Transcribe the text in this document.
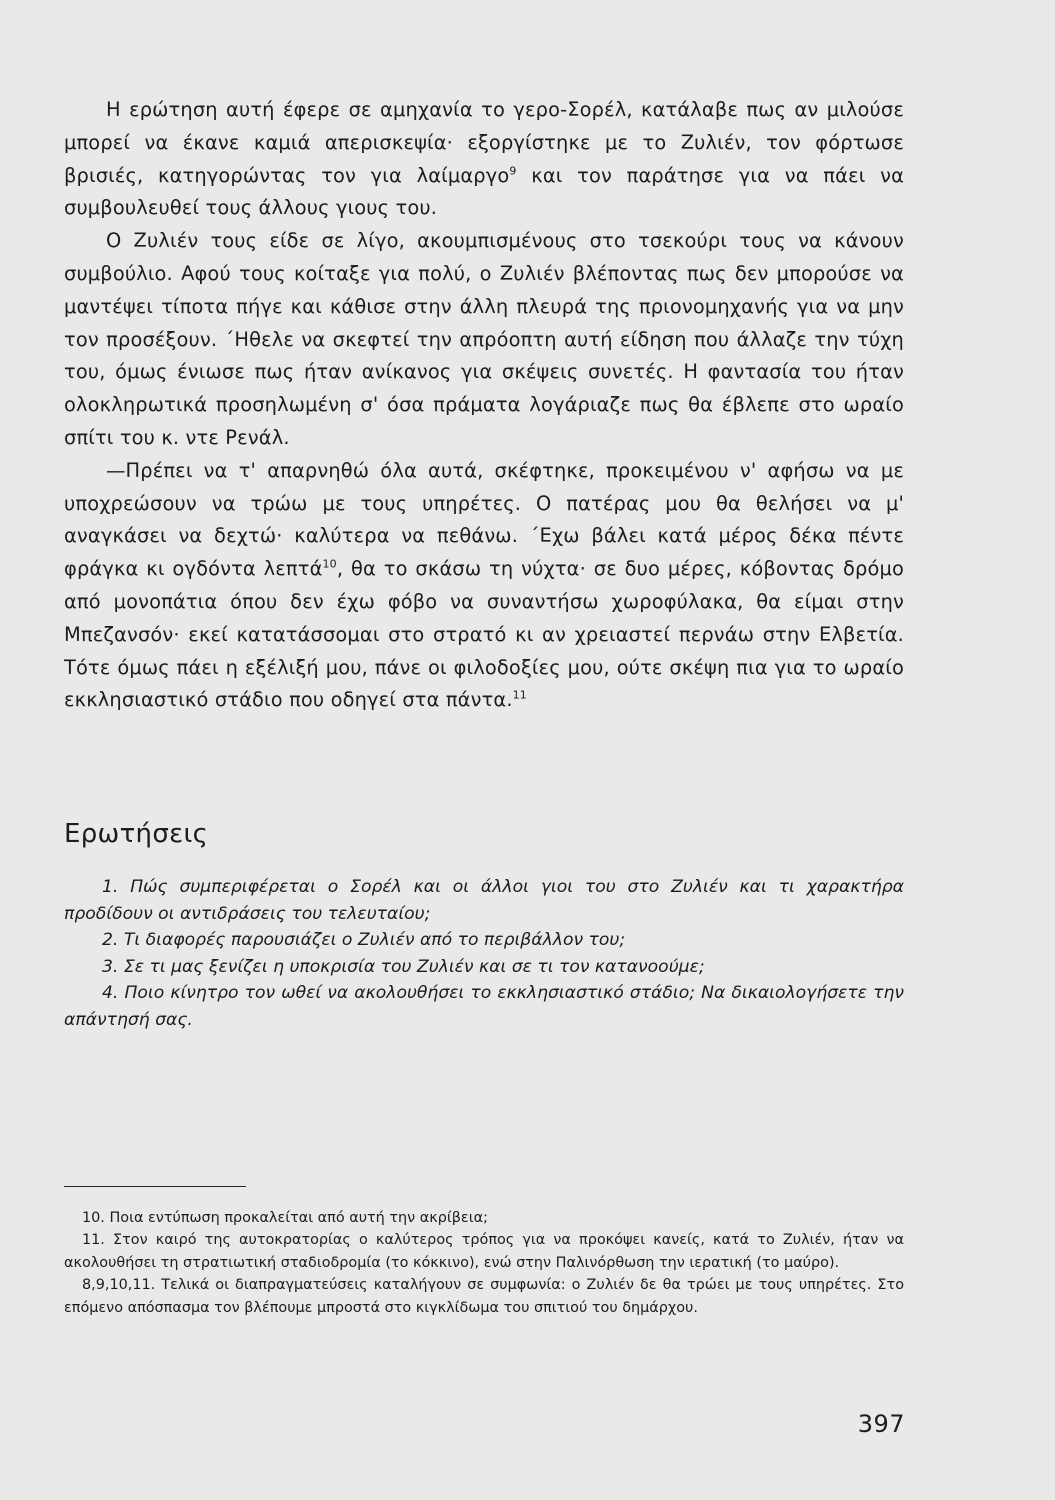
Η ερώτηση αυτή έφερε σε αμηχανία το γερο-Σορέλ, κατάλαβε πως αν μιλούσε μπορεί να έκανε καμιά απερισκεψία· εξοργίστηκε με το Ζυλιέν, τον φόρτωσε βρισιές, κατηγορώντας τον για λαίμαργο$^9$ και τον παράτησε για να πάει να συμβουλευθεί τους άλλους γιους του.

Ο Ζυλιέν τους είδε σε λίγο, ακουμπισμένους στο τσεκούρι τους να κάνουν συμβούλιο. Αφού τους κοίταξε για πολύ, ο Ζυλιέν βλέποντας πως δεν μπορούσε να μαντέψει τίποτα πήγε και κάθισε στην άλλη πλευρά της πριονομηχανής για να μην τον προσέξουν. ΄Ηθελε να σκεφτεί την απρόοπτη αυτή είδηση που άλλαζε την τύχη του, όμως ένιωσε πως ήταν ανίκανος για σκέψεις συνετές. Η φαντασία του ήταν ολοκληρωτικά προσηλωμένη σ' όσα πράματα λογάριαζε πως θα έβλεπε στο ωραίο σπίτι του κ. ντε Ρενάλ.

—Πρέπει να τ' απαρνηθώ όλα αυτά, σκέφτηκε, προκειμένου ν' αφήσω να με υποχρεώσουν να τρώω με τους υπηρέτες. Ο πατέρας μου θα θελήσει να μ' αναγκάσει να δεχτώ· καλύτερα να πεθάνω. ΄Εχω βάλει κατά μέρος δέκα πέντε φράγκα κι ογδόντα λεπτά$^{10}$, θα το σκάσω τη νύχτα· σε δυο μέρες, κόβοντας δρόμο από μονοπάτια όπου δεν έχω φόβο να συναντήσω χωροφύλακα, θα είμαι στην Μπεζανσόν· εκεί κατατάσσομαι στο στρατό κι αν χρειαστεί περνάω στην Ελβετία. Τότε όμως πάει η εξέλιξή μου, πάνε οι φιλοδοξίες μου, ούτε σκέψη πια για το ωραίο εκκλησιαστικό στάδιο που οδηγεί στα πάντα.$^{11}$

Ερωτήσεις

1. Πώς συμπεριφέρεται ο Σορέλ και οι άλλοι γιοι του στο Ζυλιέν και τι χαρακτήρα προδίδουν οι αντιδράσεις του τελευταίου;

2. Τι διαφορές παρουσιάζει ο Ζυλιέν από το περιβάλλον του;

3. Σε τι μας ξενίζει η υποκρισία του Ζυλιέν και σε τι τον κατανοούμε;

4. Ποιο κίνητρο τον ωθεί να ακολουθήσει το εκκλησιαστικό στάδιο; Να δικαιολογήσετε την απάντησή σας.

10. Ποια εντύπωση προκαλείται από αυτή την ακρίβεια;

11. Στον καιρό της αυτοκρατορίας ο καλύτερος τρόπος για να προκόψει κανείς, κατά το Ζυλιέν, ήταν να ακολουθήσει τη στρατιωτική σταδιοδρομία (το κόκκινο), ενώ στην Παλινόρθωση την ιερατική (το μαύρο).

8,9,10,11. Τελικά οι διαπραγματεύσεις καταλήγουν σε συμφωνία: ο Ζυλιέν δε θα τρώει με τους υπηρέτες. Στο επόμενο απόσπασμα τον βλέπουμε μπροστά στο κιγκλίδωμα του σπιτιού του δημάρχου.

397
